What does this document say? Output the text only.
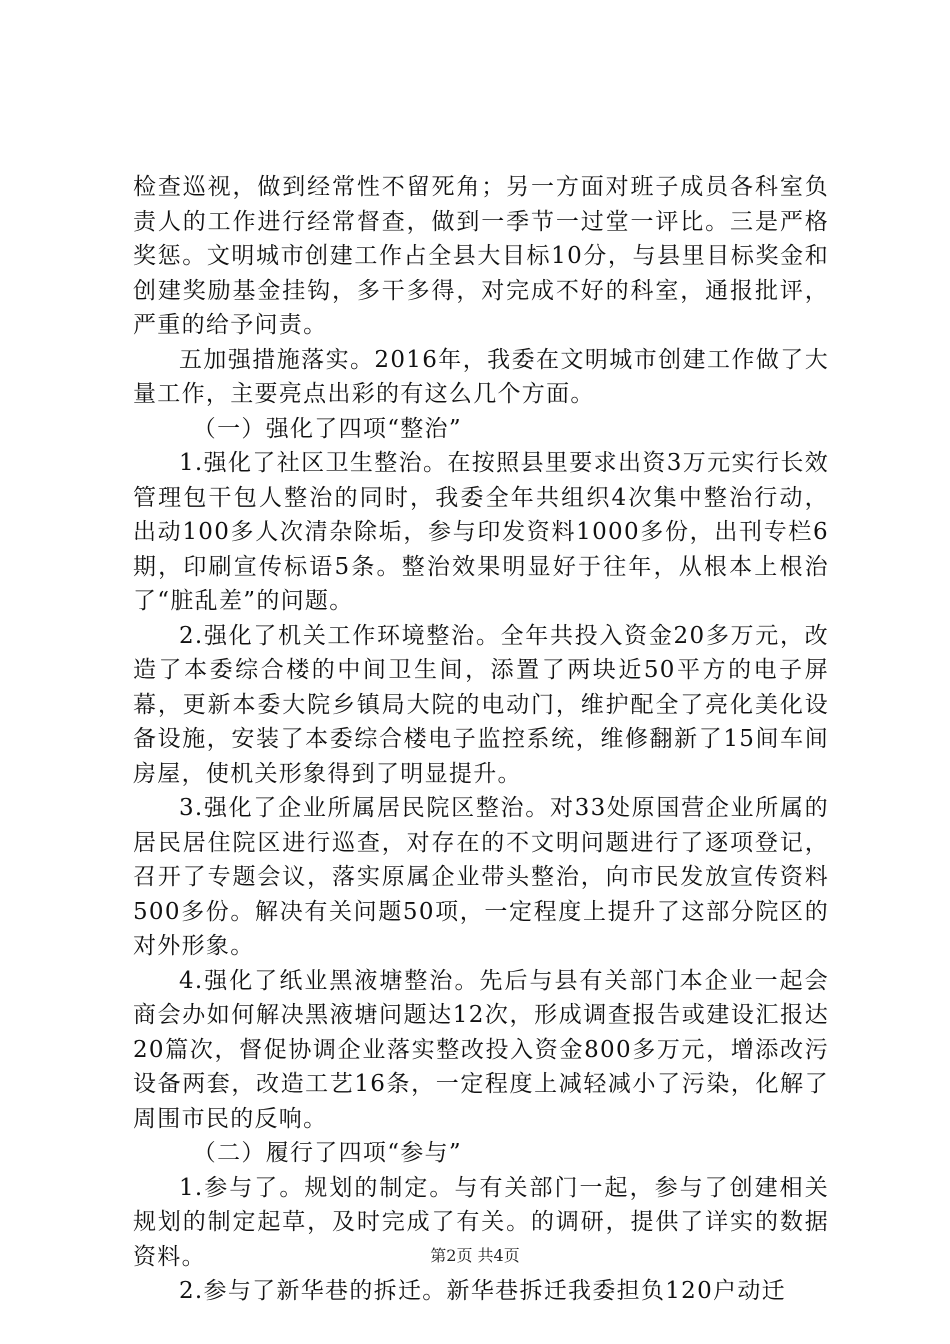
检查巡视，做到经常性不留死角；另一方面对班子成员各科室负责人的工作进行经常督查，做到一季节一过堂一评比。三是严格奖惩。文明城市创建工作占全县大目标10分，与县里目标奖金和创建奖励基金挂钩，多干多得，对完成不好的科室，通报批评，严重的给予问责。

五加强措施落实。2016年，我委在文明城市创建工作做了大量工作，主要亮点出彩的有这么几个方面。

（一）强化了四项“整治”

1.强化了社区卫生整治。在按照县里要求出资3万元实行长效管理包干包人整治的同时，我委全年共组织4次集中整治行动，出动100多人次清杂除垢，参与印发资料1000多份，出刊专栏6期，印刷宣传标语5条。整治效果明显好于往年，从根本上根治了“脏乱差”的问题。

2.强化了机关工作环境整治。全年共投入资金20多万元，改造了本委综合楼的中间卫生间，添置了两块近50平方的电子屏幕，更新本委大院乡镇局大院的电动门，维护配全了亮化美化设备设施，安装了本委综合楼电子监控系统，维修翻新了15间车间房屋，使机关形象得到了明显提升。

3.强化了企业所属居民院区整治。对33处原国营企业所属的居民居住院区进行巡查，对存在的不文明问题进行了逐项登记，召开了专题会议，落实原属企业带头整治，向市民发放宣传资料500多份。解决有关问题50项，一定程度上提升了这部分院区的对外形象。

4.强化了纸业黑液塘整治。先后与县有关部门本企业一起会商会办如何解决黑液塘问题达12次，形成调查报告或建设汇报达20篇次，督促协调企业落实整改投入资金800多万元，增添改污设备两套，改造工艺16条，一定程度上减轻减小了污染，化解了周围市民的反响。

（二）履行了四项“参与”

1.参与了。规划的制定。与有关部门一起，参与了创建相关规划的制定起草，及时完成了有关。的调研，提供了详实的数据资料。

2.参与了新华巷的拆迁。新华巷拆迁我委担负120户动迁

第2页 共4页
